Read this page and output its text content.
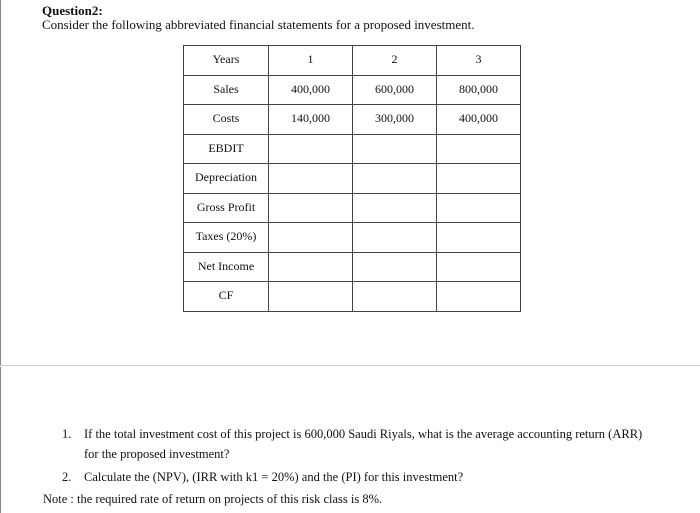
Question2:
Consider the following abbreviated financial statements for a proposed investment.
Years	1	2	3
Sales	400,000	600,000	800,000
Costs	140,000	300,000	400,000
EBDIT			
Depreciation			
Gross Profit			
Taxes (20%)			
Net Income			
CF			
1. If the total investment cost of this project is 600,000 Saudi Riyals, what is the average accounting return (ARR)
for the proposed investment?
2. Calculate the (NPV), (IRR with k1 = 20%) and the (PI) for this investment?
Note : the required rate of return on projects of this risk class is 8%.
